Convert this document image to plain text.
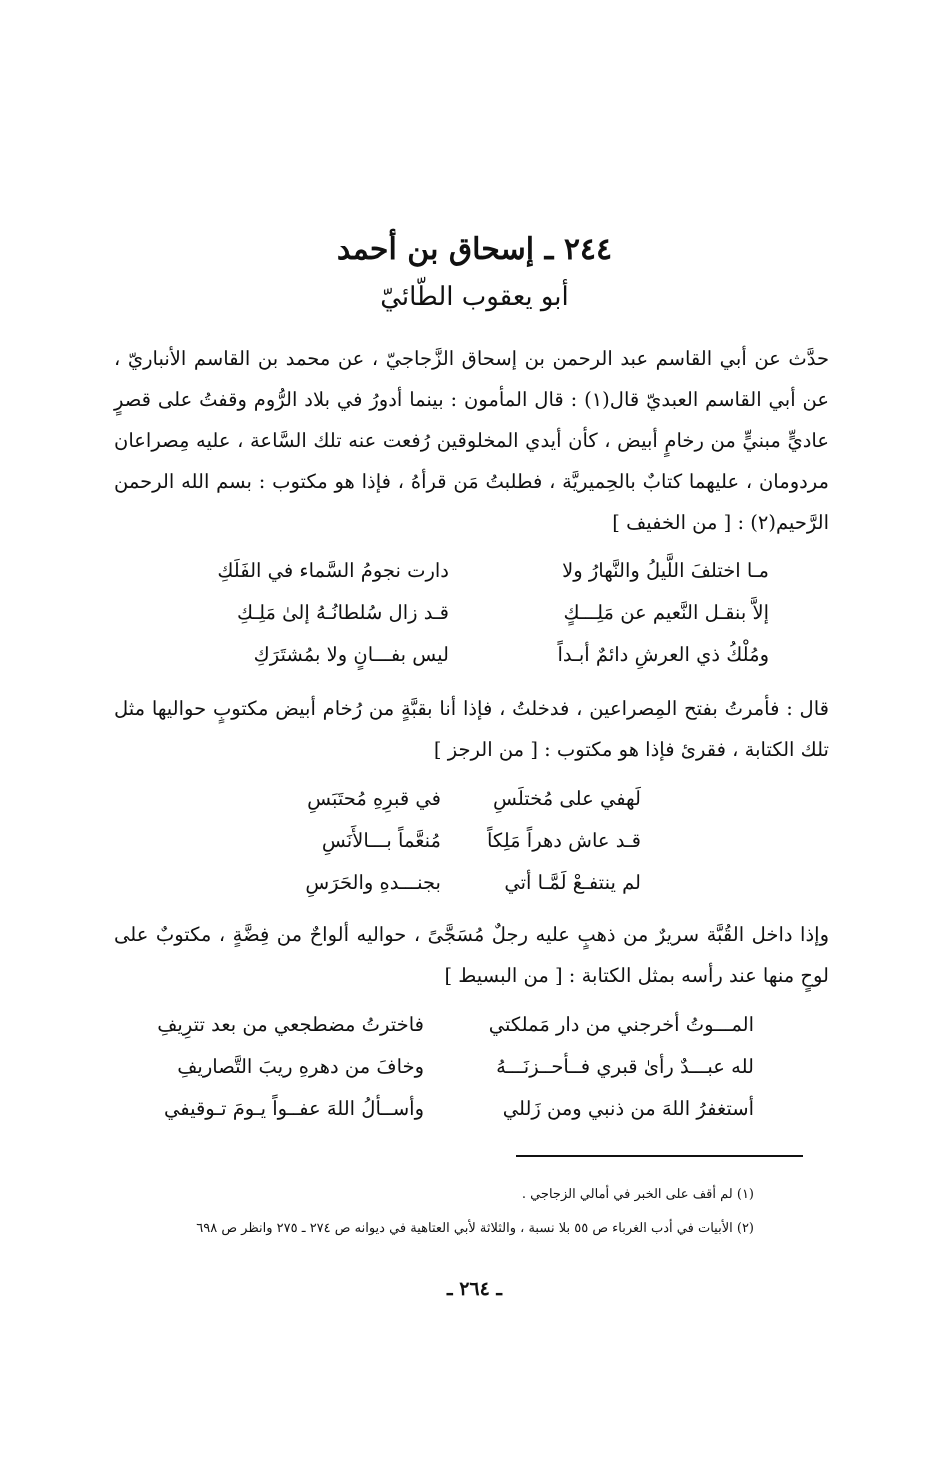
٢٤٤ ـ إسحاق بن أحمد
أبو يعقوب الطّائيّ
حدَّث عن أبي القاسم عبد الرحمن بن إسحاق الزَّجاجيّ ، عن محمد بن القاسم الأنباريّ ، عن أبي القاسم العبديّ قال(١) : قال المأمون : بينما أدورُ في بلاد الرُّوم وقفتُ على قصرٍ عاديٍّ مبنيٍّ من رخامٍ أبيض ، كأن أيدي المخلوقين رُفعت عنه تلك السَّاعة ، عليه مِصراعان مردومان ، عليهما كتابٌ بالحِميريَّة ، فطلبتُ مَن قرأهُ ، فإذا هو مكتوب : بسم الله الرحمن الرَّحيم(٢) : [ من الخفيف ]
مـا اختلفَ اللَّيلُ والنَّهارُ ولا
دارت نجومُ السَّماء في الفَلَكِ
إلاَّ بنقـل النَّعيم عن مَلِـــكٍ
قـد زال سُلطانُـهُ إلىٰ مَلِـكِ
ومُلْكُ ذي العرشِ دائمٌ أبـداً
ليس بفـــانٍ ولا بمُشتَرَكِ
قال : فأمرتُ بفتح المِصراعين ، فدخلتُ ، فإذا أنا بقبَّةٍ من رُخام أبيض مكتوبٍ حواليها مثل تلك الكتابة ، فقرئ فإذا هو مكتوب : [ من الرجز ]
لَهفي على مُختلَسِ
في قبرِهِ مُحتَبَسِ
قـد عاش دهراً مَلِكاً
مُنعَّماً بـــالأَنَسِ
لم ينتفـعْ لَمَّـا أتي
بجنـــدهِ والحَرَسِ
وإذا داخل القُبَّة سريرٌ من ذهبٍ عليه رجلٌ مُسَجَّىً ، حواليه ألواحٌ من فِضَّةٍ ، مكتوبٌ على لوحٍ منها عند رأسه بمثل الكتابة : [ من البسيط ]
المـــوتُ أخرجني من دار مَملكتي
فاخترتُ مضطجعي من بعد تترِيفِ
لله عبـــدٌ رأىٰ قبري فــأحــزنَـــهُ
وخافَ من دهرهِ ريبَ التَّصاريفِ
أستغفرُ اللهَ من ذنبي ومن زَللي
وأســألُ اللهَ عفــواً يـومَ تـوقيفي
(١) لم أقف على الخبر في أمالي الزجاجي .
(٢) الأبيات في أدب الغرباء ص ٥٥ بلا نسبة ، والثلاثة لأبي العتاهية في ديوانه ص ٢٧٤ ـ ٢٧٥ وانظر ص ٦٩٨
ـ ٢٦٤ ـ
